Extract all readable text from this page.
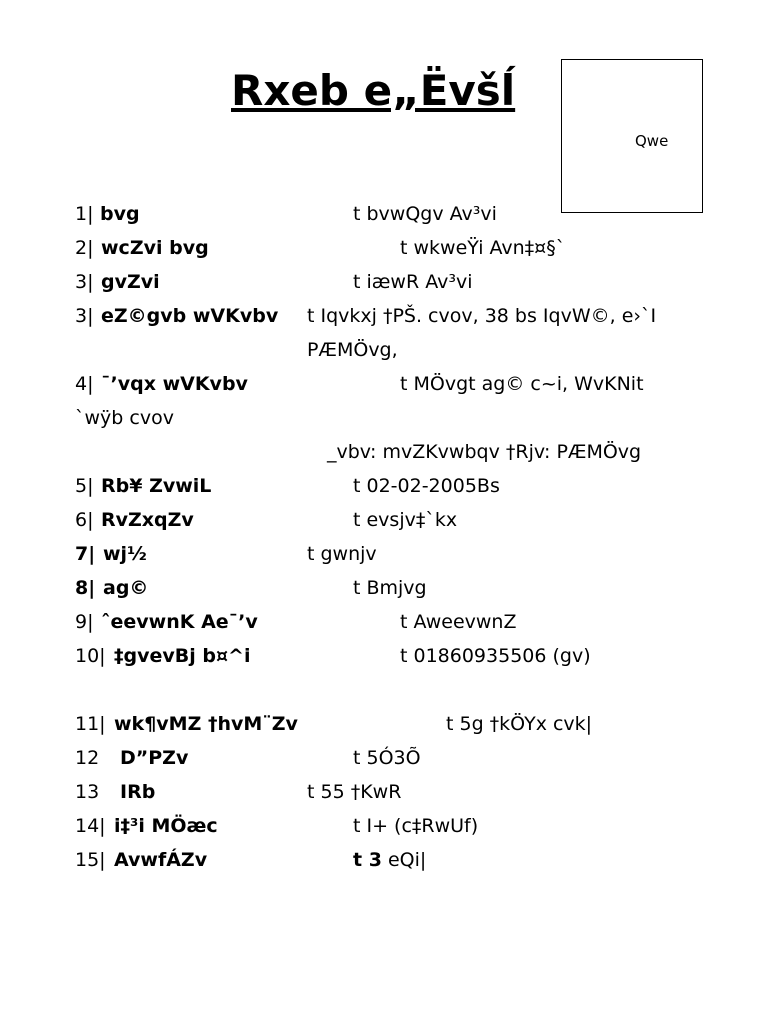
Rxeb e„Ëvšĺ
Qwe
1| bvg	t bvwQgv Av³vi
2| wcZvi bvg	t wkweŸi Avn‡¤§`
3| gvZvi	t iæwR Av³vi
3| eZ©gvb wVKvbv t Iqvkxj †PŠ. cvov, 38 bs IqvW©, e›`I
PÆMÖvg,
4| ¯’vqx wVKvbv	t MÖvgt ag© c~i, WvKNit
`wÿb cvov
_vbv: mvZKvwbqv †Rjv: PÆMÖvg
5| Rb¥ ZvwiL	t 02-02-2005Bs
6| RvZxqZv	t evsjv‡`kx
7| wj½	t gwnjv
8| ag©	t Bmjvg
9| ˆeevwnK Ae¯’v	t AweevwnZ
10| ‡gvevBj b¤^i	t 01860935506 (gv)
11| wk¶vMZ †hvM¨Zv	t 5g †kÖYx cvk|
12 D”PZv	t 5Ó3Õ
13 IRb	t 55 †KwR
14| i‡³i MÖæc	t I+ (c‡RwUf)
15| AvwfÁZv	t 3 eQi|
